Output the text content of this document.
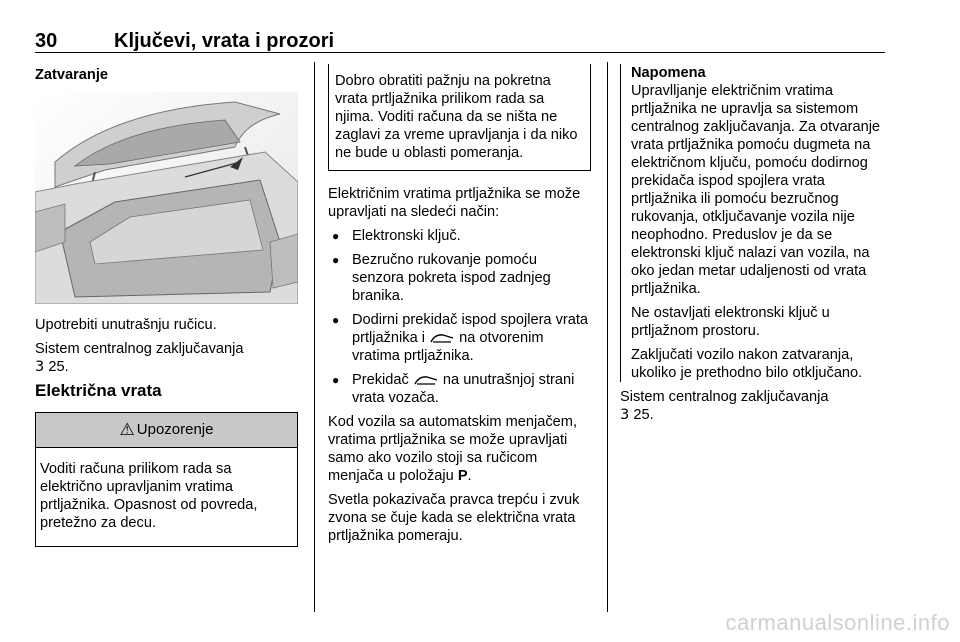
30	Ključevi, vrata i prozori
Zatvaranje

Upotrebiti unutrašnju ručicu.

Sistem centralnog zaključavanja
3 25.

Električna vrata
⚠ Upozorenje
Voditi računa prilikom rada sa električno upravljanim vratima prtljažnika. Opasnost od povreda, pretežno za decu.
Dobro obratiti pažnju na pokretna vrata prtljažnika prilikom rada sa njima. Voditi računa da se ništa ne zaglavi za vreme upravljanja i da niko ne bude u oblasti pomeranja.

Električnim vratima prtljažnika se može upravljati na sledeći način:

● Elektronski ključ.
● Bezručno rukovanje pomoću senzora pokreta ispod zadnjeg branika.
● Dodirni prekidač ispod spojlera vrata prtljažnika i na otvorenim vratima prtljažnika.
● Prekidač na unutrašnjoj strani vrata vozača.

Kod vozila sa automatskim menjačem, vratima prtljažnika se može upravljati samo ako vozilo stoji sa ručicom menjača u položaju P.

Svetla pokazivača pravca trepću i zvuk zvona se čuje kada se električna vrata prtljažnika pomeraju.

Napomena

Upravlljanje električnim vratima prtljažnika ne upravlja sa sistemom centralnog zaključavanja. Za otvaranje vrata prtljažnika pomoću dugmeta na električnom ključu, pomoću dodirnog prekidača ispod spojlera vrata prtljažnika ili pomoću bezručnog rukovanja, otključavanje vozila nije neophodno. Preduslov je da se elektronski ključ nalazi van vozila, na oko jedan metar udaljenosti od vrata prtljažnika.

Ne ostavljati elektronski ključ u prtljažnom prostoru.

Zaključati vozilo nakon zatvaranja, ukoliko je prethodno bilo otključano.

Sistem centralnog zaključavanja
3 25.

carmanualsonline.info
